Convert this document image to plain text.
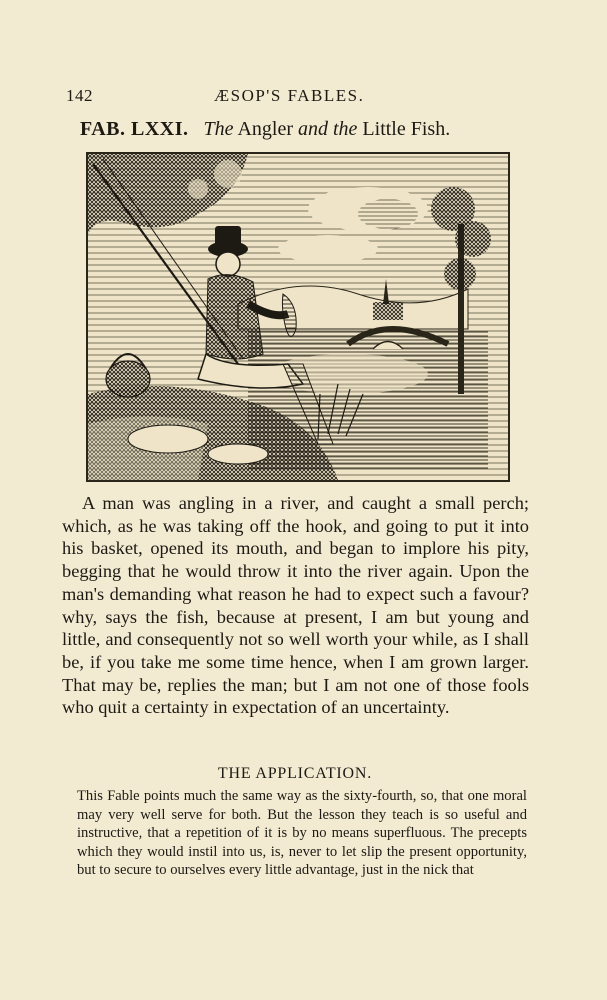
142	ÆSOP'S FABLES.
FAB. LXXI. The Angler and the Little Fish.

A man was angling in a river, and caught a small perch; which, as he was taking off the hook, and going to put it into his basket, opened its mouth, and began to implore his pity, begging that he would throw it into the river again. Upon the man's demanding what reason he had to expect such a favour? why, says the fish, because at present, I am but young and little, and consequently not so well worth your while, as I shall be, if you take me some time hence, when I am grown larger. That may be, replies the man; but I am not one of those fools who quit a certainty in expectation of an uncertainty.

THE APPLICATION.

This Fable points much the same way as the sixty-fourth, so, that one moral may very well serve for both. But the lesson they teach is so useful and instructive, that a repetition of it is by no means superfluous. The precepts which they would instil into us, is, never to let slip the present opportunity, but to secure to ourselves every little advantage, just in the nick that
